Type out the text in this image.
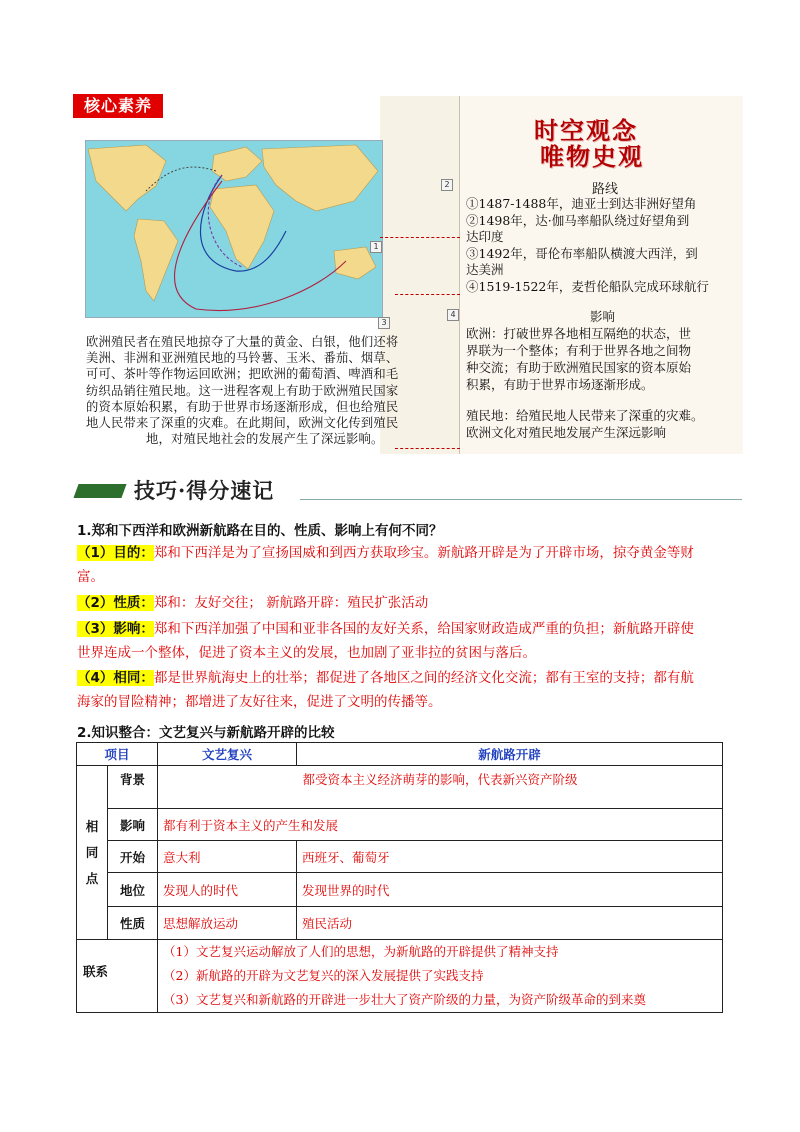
核心素养
1
2
3
4
欧洲殖民者在殖民地掠夺了大量的黄金、白银，他们还将
美洲、非洲和亚洲殖民地的马铃薯、玉米、番茄、烟草、
可可、茶叶等作物运回欧洲；把欧洲的葡萄酒、啤酒和毛
纺织品销往殖民地。这一进程客观上有助于欧洲殖民国家
的资本原始积累，有助于世界市场逐渐形成，但也给殖民
地人民带来了深重的灾难。在此期间，欧洲文化传到殖民
地，对殖民地社会的发展产生了深远影响。
时空观念
唯物史观
路线
①1487-1488年，迪亚士到达非洲好望角
②1498年，达·伽马率船队绕过好望角到
达印度
③1492年，哥伦布率船队横渡大西洋，到
达美洲
④1519-1522年，麦哲伦船队完成环球航行
影响
欧洲：打破世界各地相互隔绝的状态，世
界联为一个整体；有利于世界各地之间物
种交流；有助于欧洲殖民国家的资本原始
积累，有助于世界市场逐渐形成。
殖民地：给殖民地人民带来了深重的灾难。
欧洲文化对殖民地发展产生深远影响
技巧·得分速记
1.郑和下西洋和欧洲新航路在目的、性质、影响上有何不同？
（1）目的：郑和下西洋是为了宣扬国威和到西方获取珍宝。新航路开辟是为了开辟市场，掠夺黄金等财
富。
（2）性质：郑和：友好交往； 新航路开辟：殖民扩张活动
（3）影响：郑和下西洋加强了中国和亚非各国的友好关系，给国家财政造成严重的负担；新航路开辟使
世界连成一个整体，促进了资本主义的发展，也加剧了亚非拉的贫困与落后。
（4）相同：都是世界航海史上的壮举；都促进了各地区之间的经济文化交流；都有王室的支持；都有航
海家的冒险精神；都增进了友好往来，促进了文明的传播等。
2.知识整合：文艺复兴与新航路开辟的比较
项目		文艺复兴	新航路开辟
相同点	背景	都受资本主义经济萌芽的影响，代表新兴资产阶级	
	影响	都有利于资本主义的产生和发展	
	开始	意大利	西班牙、葡萄牙
	地位	发现人的时代	发现世界的时代
	性质	思想解放运动	殖民活动
联系		（1）文艺复兴运动解放了人们的思想，为新航路的开辟提供了精神支持
（2）新航路的开辟为文艺复兴的深入发展提供了实践支持
（3）文艺复兴和新航路的开辟进一步壮大了资产阶级的力量，为资产阶级革命的到来奠	
